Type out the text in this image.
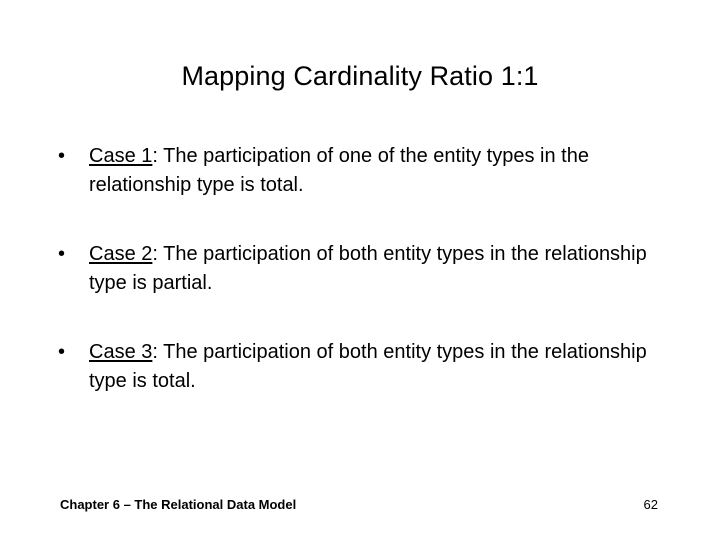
Mapping Cardinality Ratio 1:1
• Case 1: The participation of one of the entity types in the relationship type is total.
• Case 2: The participation of both entity types in the relationship type is partial.
• Case 3: The participation of both entity types in the relationship type is total.
Chapter 6 – The Relational Data Model	62
